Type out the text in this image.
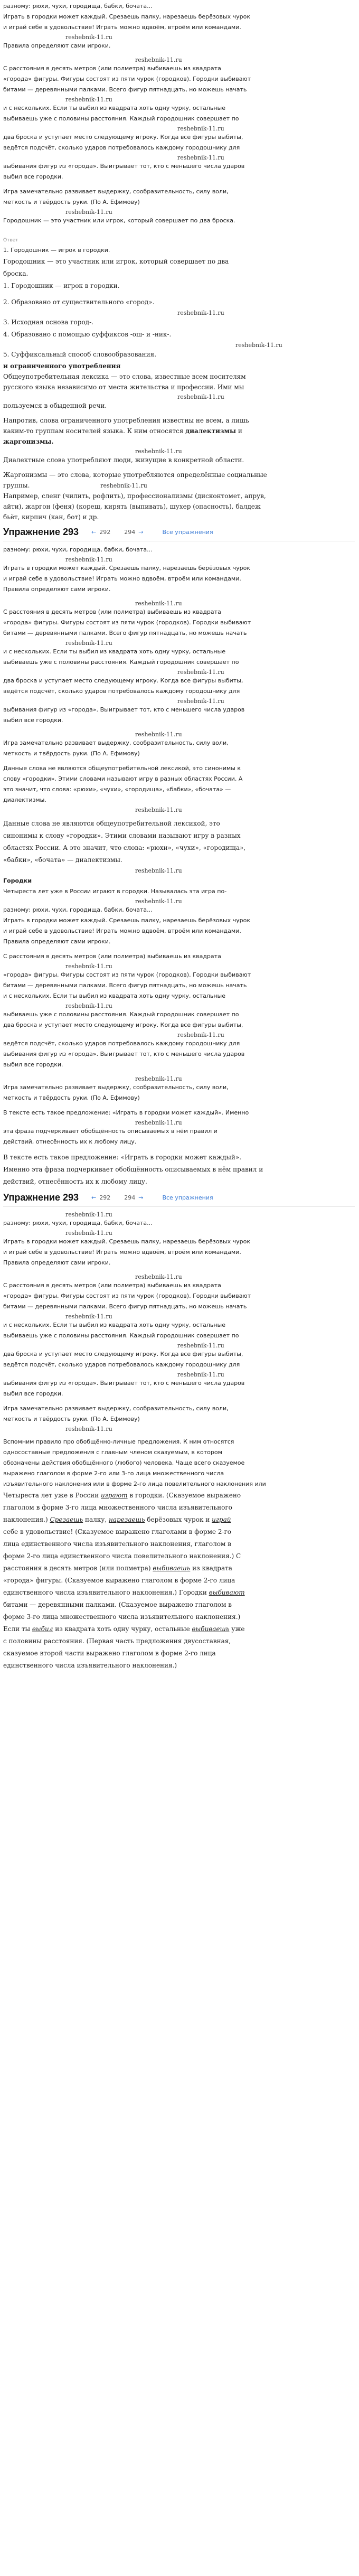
разному: рюхи, чухи, городища, бабки, бочата...

Играть в городки может каждый. Срезаешь палку, нарезаешь берёзовых чурок

и играй себе в удовольствие! Играть можно вдвоём, втроём или командами.

reshebnik-11.ru

Правила определяют сами игроки.

reshebnik-11.ru

С расстояния в десять метров (или полметра) выбиваешь из квадрата

«города» фигуры. Фигуры состоят из пяти чурок (городков). Городки выбивают

битами — деревянными палками. Всего фигур пятнадцать, но можешь начать

reshebnik-11.ru

и с нескольких. Если ты выбил из квадрата хоть одну чурку, остальные

выбиваешь уже с половины расстояния. Каждый городошник совершает по

reshebnik-11.ru

два броска и уступает место следующему игроку. Когда все фигуры выбиты,

ведётся подсчёт, сколько ударов потребовалось каждому городошнику для

reshebnik-11.ru

выбивания фигур из «города». Выигрывает тот, кто с меньшего числа ударов

выбил все городки.

Игра замечательно развивает выдержку, сообразительность, силу воли,

меткость и твёрдость руки. (По А. Ефимову)

reshebnik-11.ru

Городошник — это участник или игрок, который совершает по два броска.

Ответ

1. Городошник — игрок в городки.

Городошник — это участник или игрок, который совершает по два

броска.

1. Городошник — игрок в городки.

2. Образовано от существительного «город».

reshebnik-11.ru

3. Исходная основа город-.

4. Образовано с помощью суффиксов -ош- и -ник-.

reshebnik-11.ru

5. Суффиксальный способ словообразования.

и ограниченного употребления

Общеупотребительная лексика — это слова, известные всем носителям

русского языка независимо от места жительства и профессии. Ими мы

reshebnik-11.ru

пользуемся в обыденной речи.

Напротив, слова ограниченного употребления известны не всем, а лишь

каким-то группам носителей языка. К ним относятся диалектизмы и

жаргонизмы.

reshebnik-11.ru

Диалектные слова употребляют люди, живущие в конкретной области.

Жаргонизмы — это слова, которые употребляются определённые социальные

группы.	reshebnik-11.ru

Например, сленг (чилить, рофлить), профессионализмы (дисконтомет, апрув,

айти), жаргон (феня) (кореш, кирять (выпивать), шухер (опасность), балдеж

бьёт, кирпич (кан, бот) и др.

Упражнение 293 ← 292 294 →	Все упражнения

разному: рюхи, чухи, городища, бабки, бочата...

reshebnik-11.ru

Играть в городки может каждый. Срезаешь палку, нарезаешь берёзовых чурок

и играй себе в удовольствие! Играть можно вдвоём, втроём или командами.

Правила определяют сами игроки.

reshebnik-11.ru

С расстояния в десять метров (или полметра) выбиваешь из квадрата

«города» фигуры. Фигуры состоят из пяти чурок (городков). Городки выбивают

битами — деревянными палками. Всего фигур пятнадцать, но можешь начать

reshebnik-11.ru

и с нескольких. Если ты выбил из квадрата хоть одну чурку, остальные

выбиваешь уже с половины расстояния. Каждый городошник совершает по

reshebnik-11.ru

два броска и уступает место следующему игроку. Когда все фигуры выбиты,

ведётся подсчёт, сколько ударов потребовалось каждому городошнику для

reshebnik-11.ru

выбивания фигур из «города». Выигрывает тот, кто с меньшего числа ударов

выбил все городки.

reshebnik-11.ru

Игра замечательно развивает выдержку, сообразительность, силу воли,

меткость и твёрдость руки. (По А. Ефимову)

Данные слова не являются общеупотребительной лексикой, это синонимы к

слову «городки». Этими словами называют игру в разных областях России. А

это значит, что слова: «рюхи», «чухи», «городища», «бабки», «бочата» —

диалектизмы.

reshebnik-11.ru

Данные слова не являются общеупотребительной лексикой, это

синонимы к слову «городки». Этими словами называют игру в разных

областях России. А это значит, что слова: «рюхи», «чухи», «городища»,

«бабки», «бочата» — диалектизмы.

reshebnik-11.ru
Городки

Четыреста лет уже в России играют в городки. Называлась эта игра по-

reshebnik-11.ru

разному: рюхи, чухи, городища, бабки, бочата...

Играть в городки может каждый. Срезаешь палку, нарезаешь берёзовых чурок

и играй себе в удовольствие! Играть можно вдвоём, втроём или командами.

Правила определяют сами игроки.

С расстояния в десять метров (или полметра) выбиваешь из квадрата

reshebnik-11.ru

«города» фигуры. Фигуры состоят из пяти чурок (городков). Городки выбивают

битами — деревянными палками. Всего фигур пятнадцать, но можешь начать

и с нескольких. Если ты выбил из квадрата хоть одну чурку, остальные

reshebnik-11.ru

выбиваешь уже с половины расстояния. Каждый городошник совершает по

два броска и уступает место следующему игроку. Когда все фигуры выбиты,

reshebnik-11.ru

ведётся подсчёт, сколько ударов потребовалось каждому городошнику для

выбивания фигур из «города». Выигрывает тот, кто с меньшего числа ударов

выбил все городки.

reshebnik-11.ru

Игра замечательно развивает выдержку, сообразительность, силу воли,

меткость и твёрдость руки. (По А. Ефимову)

В тексте есть такое предложение: «Играть в городки может каждый». Именно

reshebnik-11.ru

эта фраза подчеркивает обобщённость описываемых в нём правил и

действий, отнесённость их к любому лицу.

В тексте есть такое предложение: «Играть в городки может каждый».

Именно эта фраза подчеркивает обобщённость описываемых в нём правил и

действий, отнесённость их к любому лицу.

Упражнение 293 ← 292 294 →	Все упражнения
reshebnik-11.ru

разному: рюхи, чухи, городища, бабки, бочата...

reshebnik-11.ru

Играть в городки может каждый. Срезаешь палку, нарезаешь берёзовых чурок

и играй себе в удовольствие! Играть можно вдвоём, втроём или командами.

Правила определяют сами игроки.

reshebnik-11.ru

С расстояния в десять метров (или полметра) выбиваешь из квадрата

«города» фигуры. Фигуры состоят из пяти чурок (городков). Городки выбивают

битами — деревянными палками. Всего фигур пятнадцать, но можешь начать

reshebnik-11.ru

и с нескольких. Если ты выбил из квадрата хоть одну чурку, остальные

выбиваешь уже с половины расстояния. Каждый городошник совершает по

reshebnik-11.ru

два броска и уступает место следующему игроку. Когда все фигуры выбиты,

ведётся подсчёт, сколько ударов потребовалось каждому городошнику для

reshebnik-11.ru

выбивания фигур из «города». Выигрывает тот, кто с меньшего числа ударов

выбил все городки.

Игра замечательно развивает выдержку, сообразительность, силу воли,

меткость и твёрдость руки. (По А. Ефимову)

reshebnik-11.ru

Вспомним правило про обобщённо-личные предложения. К ним относятся

односоставные предложения с главным членом сказуемым, в котором

обозначены действия обобщённого (любого) человека. Чаще всего сказуемое

выражено глаголом в форме 2-го или 3-го лица множественного числа

изъявительного наклонения или в форме 2-го лица повелительного наклонения или

Четыреста лет уже в России играют в городки. (Сказуемое выражено

глаголом в форме 3-го лица множественного числа изъявительного

наклонения.) Срезаешь палку, нарезаешь берёзовых чурок и играй

себе в удовольствие! (Сказуемое выражено глаголами в форме 2-го

лица единственного числа изъявительного наклонения, глаголом в

форме 2-го лица единственного числа повелительного наклонения.) С

расстояния в десять метров (или полметра) выбиваешь из квадрата

«города» фигуры. (Сказуемое выражено глаголом в форме 2-го лица

единственного числа изъявительного наклонения.) Городки выбивают

битами — деревянными палками. (Сказуемое выражено глаголом в

форме 3-го лица множественного числа изъявительного наклонения.)

Если ты выбил из квадрата хоть одну чурку, остальные выбиваешь уже

с половины расстояния. (Первая часть предложения двусоставная,

сказуемое второй части выражено глаголом в форме 2-го лица

единственного числа изъявительного наклонения.)
